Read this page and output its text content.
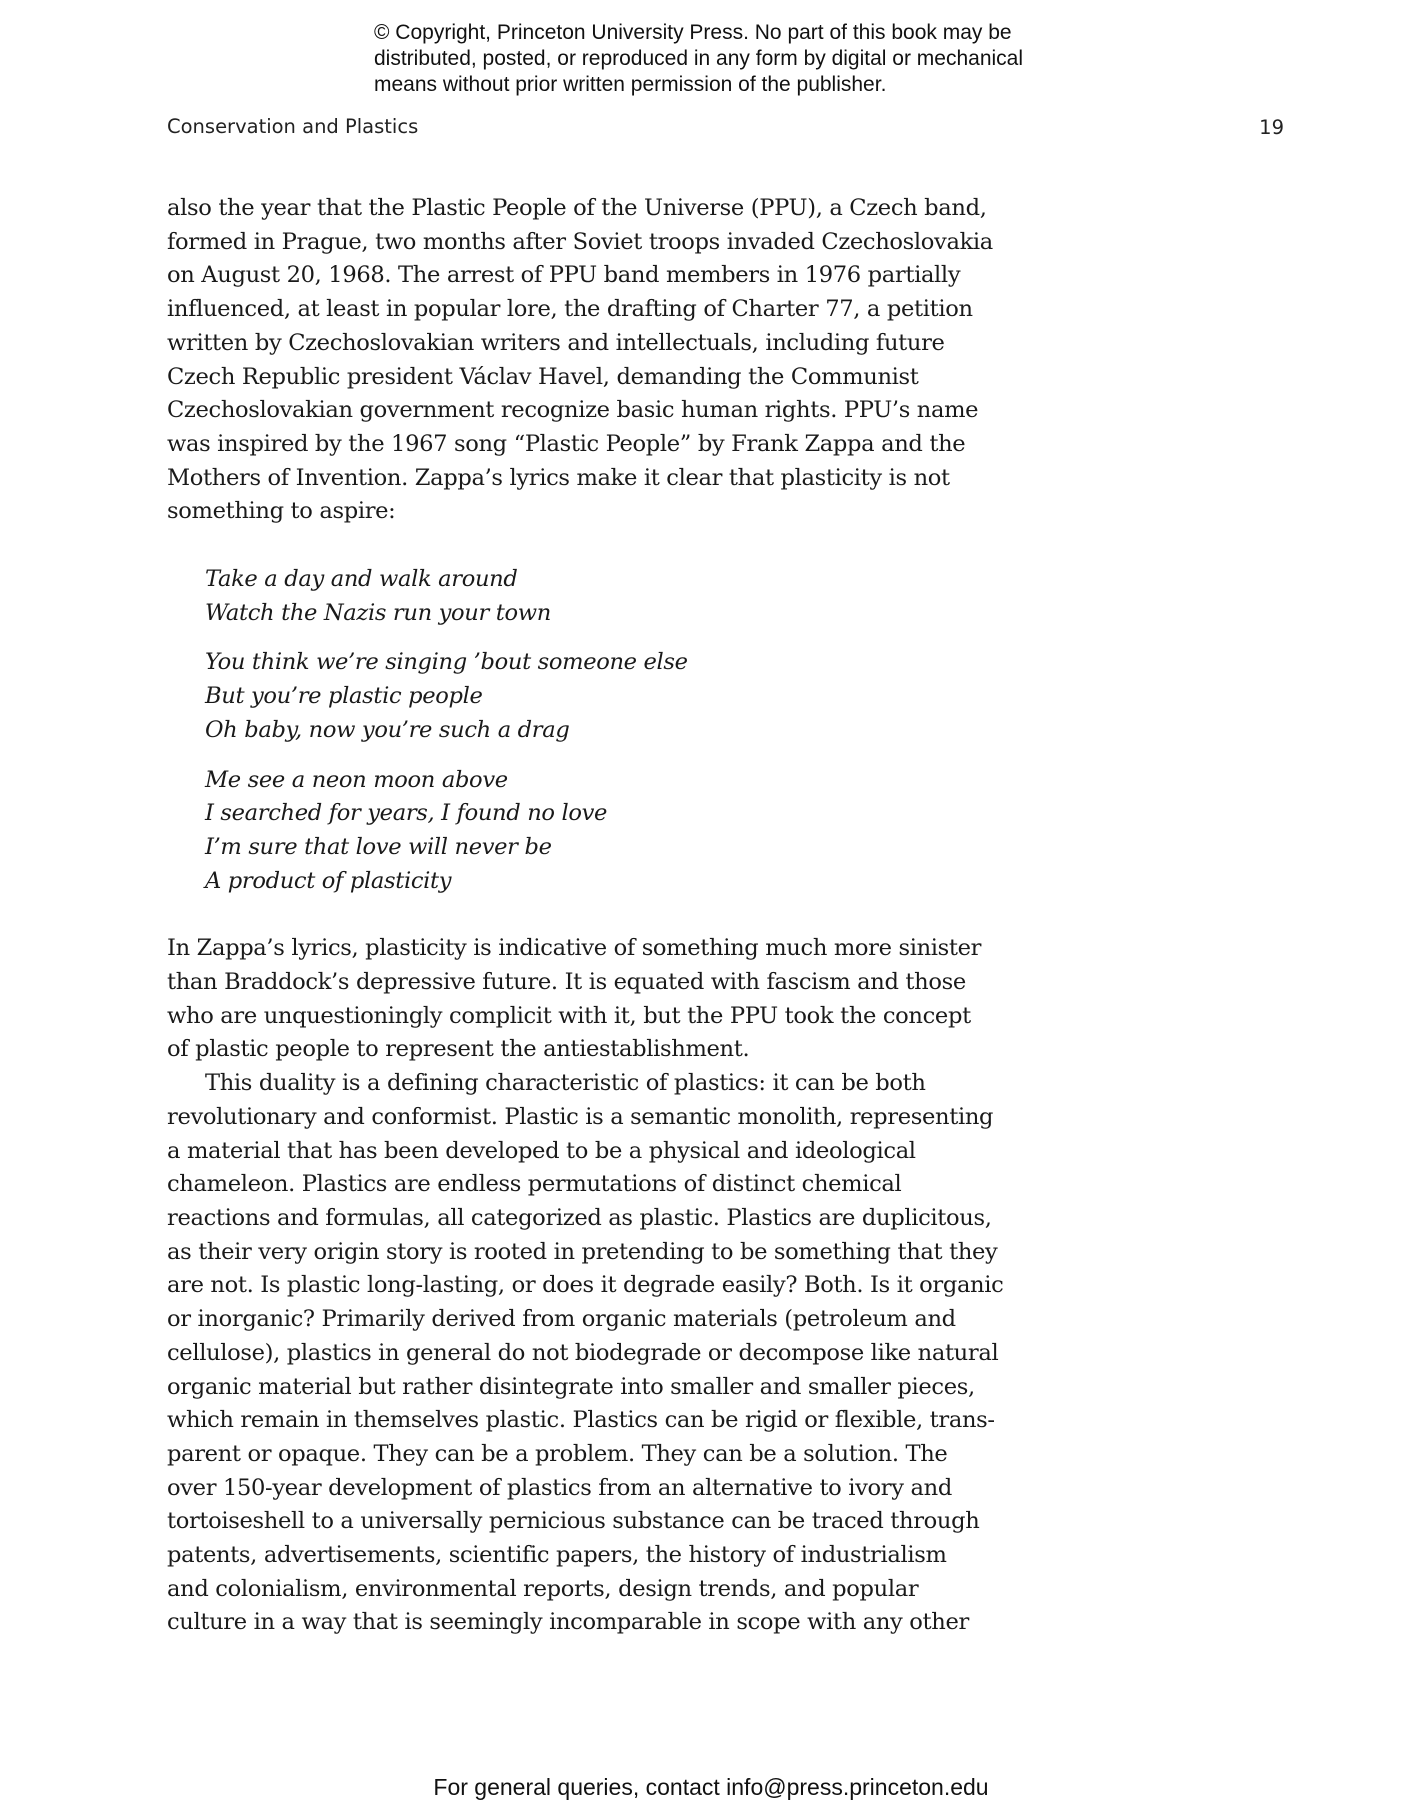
© Copyright, Princeton University Press. No part of this book may be
distributed, posted, or reproduced in any form by digital or mechanical
means without prior written permission of the publisher.
Conservation and Plastics	19
also the year that the Plastic People of the Universe (PPU), a Czech band,
formed in Prague, two months after Soviet troops invaded Czechoslovakia
on August 20, 1968. The arrest of PPU band members in 1976 partially
influenced, at least in popular lore, the drafting of Charter 77, a petition
written by Czechoslovakian writers and intellectuals, including future
Czech Republic president Václav Havel, demanding the Communist
Czechoslovakian government recognize basic human rights. PPU’s name
was inspired by the 1967 song “Plastic People” by Frank Zappa and the
Mothers of Invention. Zappa’s lyrics make it clear that plasticity is not
something to aspire:
Take a day and walk around
Watch the Nazis run your town
You think we’re singing ’bout someone else
But you’re plastic people
Oh baby, now you’re such a drag
Me see a neon moon above
I searched for years, I found no love
I’m sure that love will never be
A product of plasticity
In Zappa’s lyrics, plasticity is indicative of something much more sinister
than Braddock’s depressive future. It is equated with fascism and those
who are unquestioningly complicit with it, but the PPU took the concept
of plastic people to represent the antiestablishment.
This duality is a defining characteristic of plastics: it can be both
revolutionary and conformist. Plastic is a semantic monolith, representing
a material that has been developed to be a physical and ideological
chameleon. Plastics are endless permutations of distinct chemical
reactions and formulas, all categorized as plastic. Plastics are duplicitous,
as their very origin story is rooted in pretending to be something that they
are not. Is plastic long-lasting, or does it degrade easily? Both. Is it organic
or inorganic? Primarily derived from organic materials (petroleum and
cellulose), plastics in general do not biodegrade or decompose like natural
organic material but rather disintegrate into smaller and smaller pieces,
which remain in themselves plastic. Plastics can be rigid or flexible, trans-
parent or opaque. They can be a problem. They can be a solution. The
over 150-year development of plastics from an alternative to ivory and
tortoiseshell to a universally pernicious substance can be traced through
patents, advertisements, scientific papers, the history of industrialism
and colonialism, environmental reports, design trends, and popular
culture in a way that is seemingly incomparable in scope with any other
For general queries, contact info@press.princeton.edu
